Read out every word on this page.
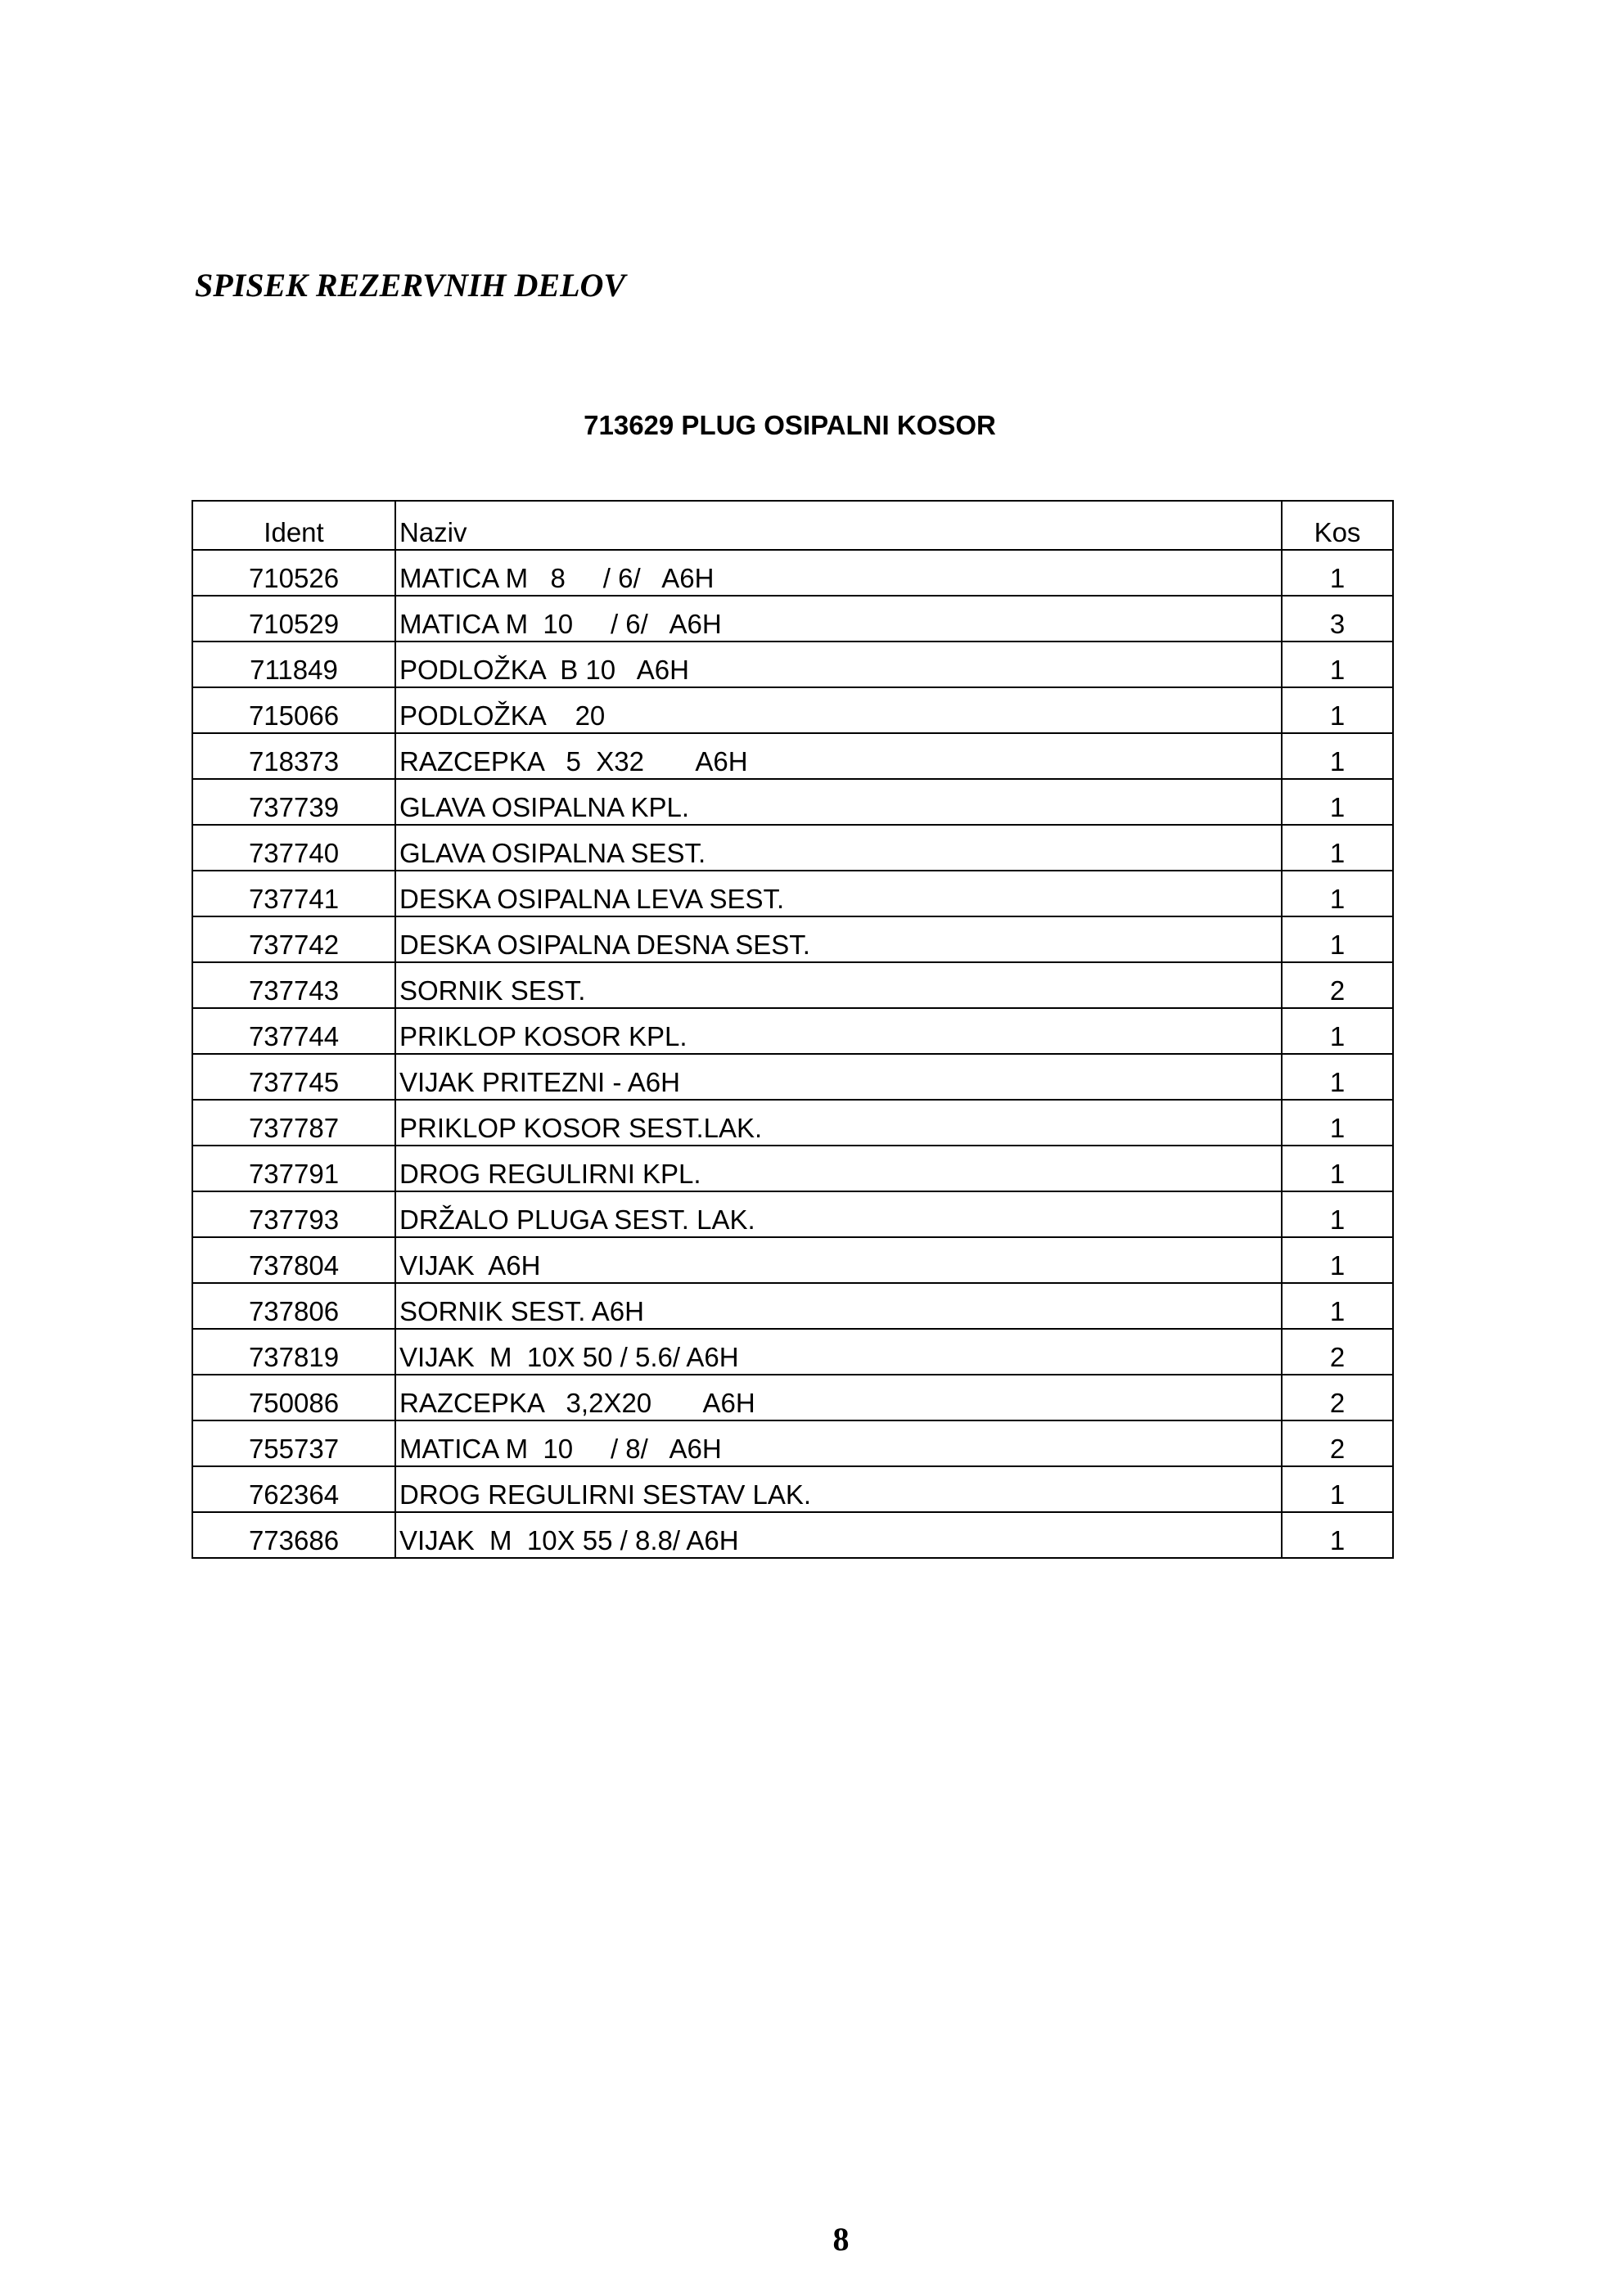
SPISEK REZERVNIH DELOV
713629 PLUG OSIPALNI KOSOR
Ident	Naziv	Kos
710526	MATICA M   8     / 6/   A6H	1
710529	MATICA M  10     / 6/   A6H	3
711849	PODLOŽKA  B 10   A6H	1
715066	PODLOŽKA    20	1
718373	RAZCEPKA   5  X32       A6H	1
737739	GLAVA OSIPALNA KPL.	1
737740	GLAVA OSIPALNA SEST.	1
737741	DESKA OSIPALNA LEVA SEST.	1
737742	DESKA OSIPALNA DESNA SEST.	1
737743	SORNIK SEST.	2
737744	PRIKLOP KOSOR KPL.	1
737745	VIJAK PRITEZNI - A6H	1
737787	PRIKLOP KOSOR SEST.LAK.	1
737791	DROG REGULIRNI KPL.	1
737793	DRŽALO PLUGA SEST. LAK.	1
737804	VIJAK  A6H	1
737806	SORNIK SEST. A6H	1
737819	VIJAK  M  10X 50 / 5.6/ A6H	2
750086	RAZCEPKA   3,2X20       A6H	2
755737	MATICA M  10     / 8/   A6H	2
762364	DROG REGULIRNI SESTAV LAK.	1
773686	VIJAK  M  10X 55 / 8.8/ A6H	1
8
